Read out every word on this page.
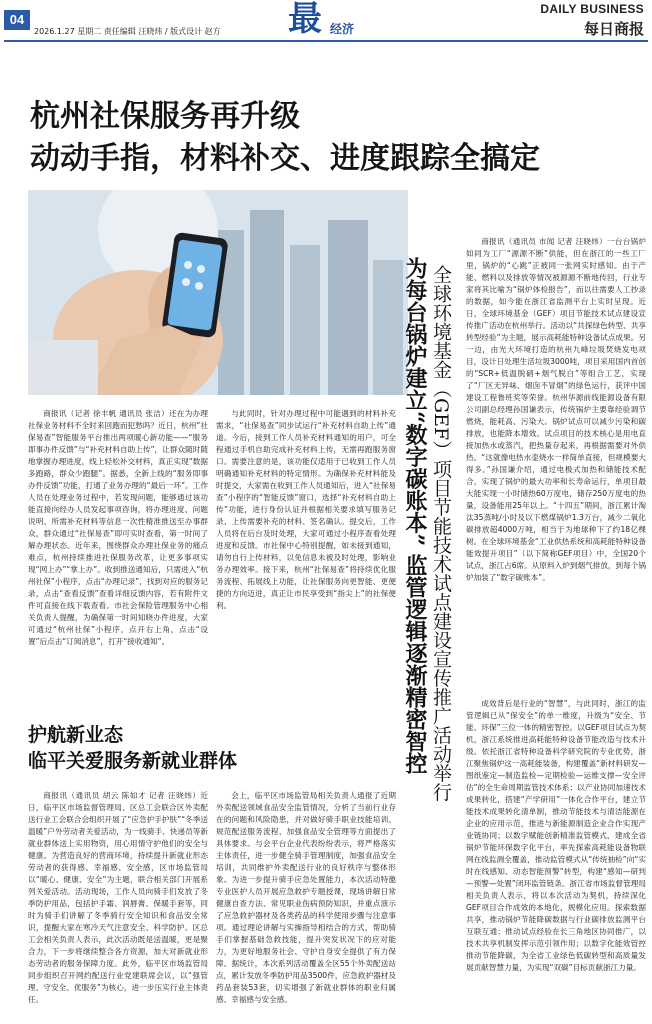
04
2026.1.27 星期二 责任编辑 汪晓炜 / 版式设计 赵方 最 经济
DAILY BUSINESS
每日商报
杭州社保服务再升级
动动手指，材料补交、进度跟踪全搞定

商报讯（记者 徐丰帆 通讯员 张洁）还在为办理社保业务材料不全时来回跑而犯愁吗？近日，杭州“社保易查”智能服务平台推出两项暖心新功能——“服务即事办件反馈”与“补充材料自助上传”，让群众随时随地掌握办理进度，线上轻松补交材料，真正实现“数据多跑路，群众少跑腿”。据悉，全新上线的“服务即事办件反馈”功能，打通了业务办理的“最后一环”。工作人员在处理业务过程中，若发现问题，能够通过该功能直接向经办人员发起事项咨询，将办理进度、问题说明、所需补充材料等信息一次性精准推送至办事群众，群众通过“社保易查”即可实时查看，第一时间了解办理状态。近年来，围绕群众办理社保业务的痛点难点，杭州持续推进社保服务改革，让更多事项实现“网上办”“掌上办”。收到推送通知后，只需进入“杭州社保”小程序，点击“办理记录”，找到对应的服务记录，点击“查看反馈”查看详细反馈内容，若有附件文件可直接在线下载查看。市社会保险管理服务中心相关负责人提醒，为确保第一时间知晓办件进度，大家可通过“杭州社保”小程序，点开右上角，点击“设置”后点击“订阅消息”，打开“接收通知”。

与此同时，针对办理过程中可能遇到的材料补充需求，“社保易查”同步试运行“补充材料自助上传”通道。今后，接到工作人员补充材料通知的用户，可全程通过手机自助完成补充材料上传，无需再跑服务窗口。需要注意的是，该功能仅适用于已收到工作人员明确通知补充材料的特定情形。为确保补充材料能及时提交，大家需在收到工作人员通知后，进入“社保易查”小程序的“智能反馈”窗口，选择“补充材料自助上传”功能，进行身份认证并根据相关要求填写服务记录、上传需要补充的材料、签名确认。提交后，工作人员将在后台及时处理，大家可通过小程序查看处理进度和反馈。市社保中心特别提醒，如未接到通知，请勿自行上传材料，以免信息未被及时处理，影响业务办理效率。接下来，杭州“社保易查”将持续优化服务流程、拓展线上功能，让社保服务向更智能、更便捷的方向迈进，真正让市民享受到“指尖上”的社保便利。	全球环境基金（GEF）项目节能技术试点建设宣传推广活动举行
为每台锅炉建立“数字碳账本” 监管逻辑逐渐精密智控

商报讯（通讯员 市闻 记者 汪晓炜）一台台锅炉如同为工厂“源源不断”供能，但在浙江的一些工厂里，锅炉的“心跳”正被同一张网实时感知。由于产能、燃料以及排放等情况被源源不断地传回，行业专家将其比喻为“锅炉体检报告”，而以往需要人工抄录的数据，如今能在浙江省监测平台上实时呈现。近日，全球环境基金（GEF）项目节能技术试点建设宣传推广活动在杭州举行。活动以“共探绿色转型、共享转型经验”为主题，展示高耗能特种设备试点成果。另一边，由光大环境打造的杭州九峰垃圾焚烧发电项目，设计日处理生活垃圾3000吨，项目采用国内首创的“SCR+低温脱硝+烟气脱白”等组合工艺，实现了“厂区无异味、烟囱不冒烟”的绿色运行，获评中国建设工程鲁班奖等荣誉。杭州华源前线能源设备有限公司副总经理孙国谦表示，传统锅炉主要靠经验调节燃烧，能耗高、污染大。锅炉试点可以减少污染和碳排放，也能降本增效。试点项目的技术核心是用电直接加热水或蒸汽，把热量存起来，再根据需要对外供热。“这就像电热水壶烧水一样简单直接，但规模要大得多。”孙国谦介绍，通过电极式加热和储能技术配合，实现了锅炉的最大功率和长寿命运行，单项目最大能实现一小时储热60万度电，储存250万度电的热量，设备能用25年以上。“十四五”期间，浙江累计淘汰35蒸吨/小时及以下燃煤锅炉1.3万台，减少二氧化碳排放超4000万吨，相当于为地球种下了约18亿棵树。在全球环境基金“工业供热系统和高耗能特种设备能效提升项目”（以下简称GEF项目）中，全国20个试点，浙江占6席。从原料入炉到烟气排放，到每个锅炉加装了“数字碳账本”。

成效背后是行业的“智慧”，与此同时，浙江的监管逻辑已从“保安全”的单一维度，升级为“安全、节能、环保”三位一体的精密智控。以GEF项目试点为契机，浙江系统推进高耗能特种设备节能改造与技术升级。依托浙江省特种设备科学研究院的专业优势，浙江聚焦锅炉这一高耗能装备，构建覆盖“新材料研发—图纸鉴定—制造监检—定期检验—运维支撑—安全评估”的全生命周期监管技术体系；以产业协同加速技术成果转化，搭建“产学研用”一体化合作平台，建立节能技术成果转化清单制，推动节能技术与清洁能源在企业的应用示范，推进与新能源制造企业合作实现产业链协同；以数字赋能创新精准监管模式，建成全省锅炉节能环保数字化平台，率先探索高耗能设备物联网在线监测全覆盖，推动监管模式从“传统抽检”向“实时在线感知、动态智能预警”转型，构建“感知—研判—预警—处置”闭环监管链条。浙江省市场监督管理局相关负责人表示，将以本次活动为契机，持续深化GEF项目合作成效的本地化、规模化应用。探索数据共享，推动锅炉节能降碳数据与行业碳排放监测平台互联互通；推动试点经验在长三角地区协同推广，以技术共享机制发挥示范引领作用；以数字化能效管控推动节能降碳，为全省工业绿色低碳转型和高质量发展贡献智慧力量，为实现“双碳”目标贡献浙江力量。

护航新业态
临平关爱服务新就业群体

商报讯（通讯员 胡云 陈如才 记者 汪晓炜）近日，临平区市场监督管理局、区总工会联合区外卖配送行业工会联合会组织开展了“应急护手护肤”“冬季送温暖”户外劳动者关爱活动，为一线骑手、快递员等新就业群体送上实用物资，用心用情守护他们的安全与健康。为营造良好的营商环境，持续提升新就业形态劳动者的获得感、幸福感、安全感，区市场监管局以“暖心、健康、安全”为主题，联合相关部门开展系列关爱活动。活动现场，工作人员向骑手们发放了冬季防护用品，包括护手霜、润唇膏、保暖手套等，同时为骑手们讲解了冬季骑行安全知识和食品安全常识，提醒大家在寒冷天气注意安全、科学防护。区总工会相关负责人表示，此次活动既是送温暖，更是聚合力，下一步将继续整合各方资源，加大对新就业形态劳动者的服务保障力度。此外，临平区市场监管局同步组织召开网约配送行业党建联席会议，以“强管理、守安全、优服务”为核心，进一步压实行业主体责任。

会上，临平区市场监管局相关负责人通报了近期外卖配送领域食品安全监管情况，分析了当前行业存在的问题和风险隐患，并对做好骑手职业技能培训、规范配送服务流程、加强食品安全管理等方面提出了具体要求。与会平台企业代表纷纷表示，将严格落实主体责任，进一步健全骑手管理制度，加强食品安全培训，共同维护外卖配送行业的良好秩序与整体形象。为进一步提升骑手应急处置能力，本次活动特邀专业医护人员开展应急救护专题授课，现场讲解日常健康自查方法、常见职业伤病预防知识，并重点演示了应急救护器材及各类药品的科学使用步骤与注意事项。通过理论讲解与实操指导相结合的方式，帮助骑手们掌握基础急救技能，提升突发状况下的应对能力，为更好地服务社会、守护自身安全提供了有力保障。据统计，本次系列活动覆盖全区55个外卖配送站点，累计发放冬季防护用品3500件，应急救护器材及药品套装53套，切实增强了新就业群体的职业归属感、幸福感与安全感。
